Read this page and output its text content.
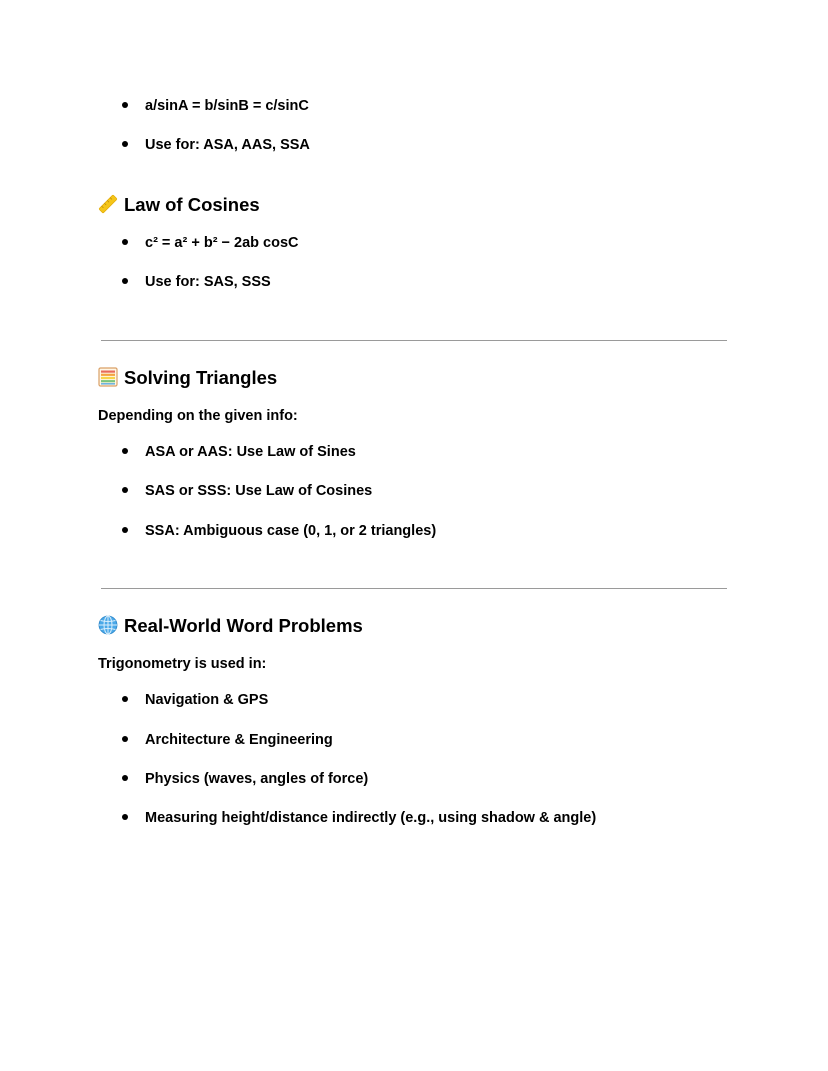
a/sinA = b/sinB = c/sinC
Use for: ASA, AAS, SSA
Law of Cosines
c² = a² + b² − 2ab cosC
Use for: SAS, SSS
Solving Triangles
Depending on the given info:
ASA or AAS: Use Law of Sines
SAS or SSS: Use Law of Cosines
SSA: Ambiguous case (0, 1, or 2 triangles)
Real-World Word Problems
Trigonometry is used in:
Navigation & GPS
Architecture & Engineering
Physics (waves, angles of force)
Measuring height/distance indirectly (e.g., using shadow & angle)
